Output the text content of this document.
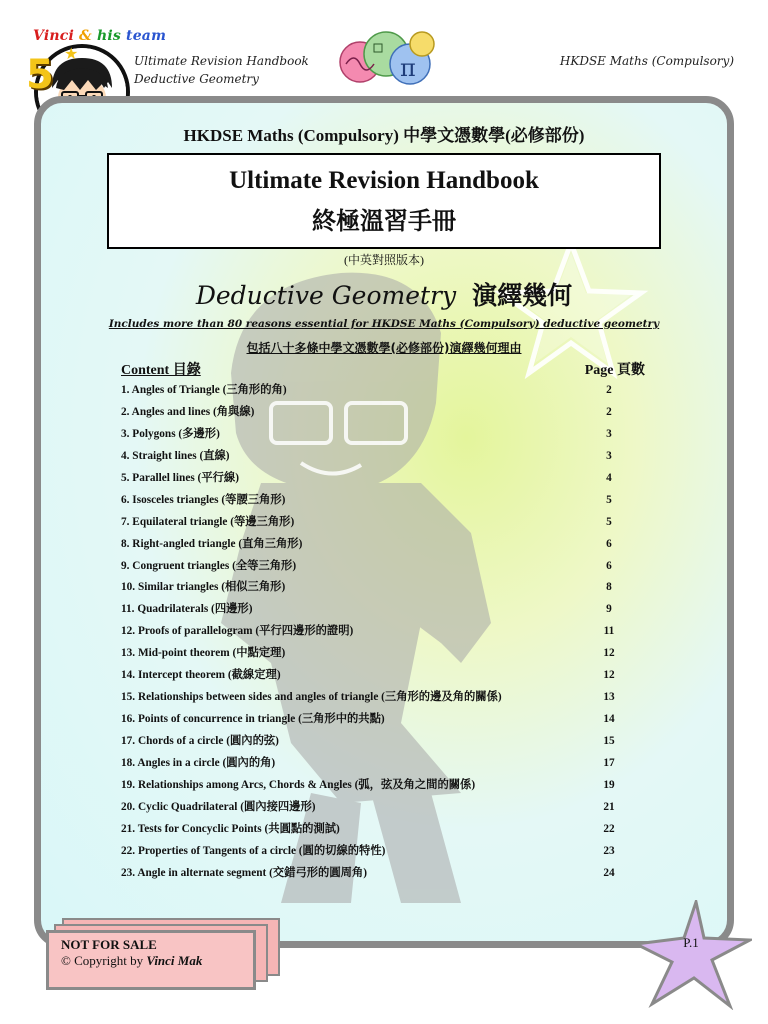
Vinci & his team
5 ★	Ultimate Revision Handbook
Deductive Geometry	π	HKDSE Maths (Compulsory)
HKDSE Maths (Compulsory) 中學文憑數學(必修部份)
Ultimate Revision Handbook
終極溫習手冊
(中英對照版本)
Deductive Geometry 演繹幾何
Includes more than 80 reasons essential for HKDSE Maths (Compulsory) deductive geometry
包括八十多條中學文憑數學(必修部份)演繹幾何理由
Content 目錄	Page 頁數
1. Angles of Triangle (三角形的角)	2
2. Angles and lines (角與線)	2
3. Polygons (多邊形)	3
4. Straight lines (直線)	3
5. Parallel lines (平行線)	4
6. Isosceles triangles (等腰三角形)	5
7. Equilateral triangle (等邊三角形)	5
8. Right-angled triangle (直角三角形)	6
9. Congruent triangles (全等三角形)	6
10. Similar triangles (相似三角形)	8
11. Quadrilaterals (四邊形)	9
12. Proofs of parallelogram (平行四邊形的證明)	11
13. Mid-point theorem (中點定理)	12
14. Intercept theorem (截線定理)	12
15. Relationships between sides and angles of triangle (三角形的邊及角的關係)	13
16. Points of concurrence in triangle (三角形中的共點)	14
17. Chords of a circle (圓內的弦)	15
18. Angles in a circle (圓內的角)	17
19. Relationships among Arcs, Chords & Angles (弧，弦及角之間的關係)	19
20. Cyclic Quadrilateral (圓內接四邊形)	21
21. Tests for Concyclic Points (共圓點的測試)	22
22. Properties of Tangents of a circle (圓的切線的特性)	23
23. Angle in alternate segment (交錯弓形的圓周角)	24
NOT FOR SALE
© Copyright by Vinci Mak
P.1
